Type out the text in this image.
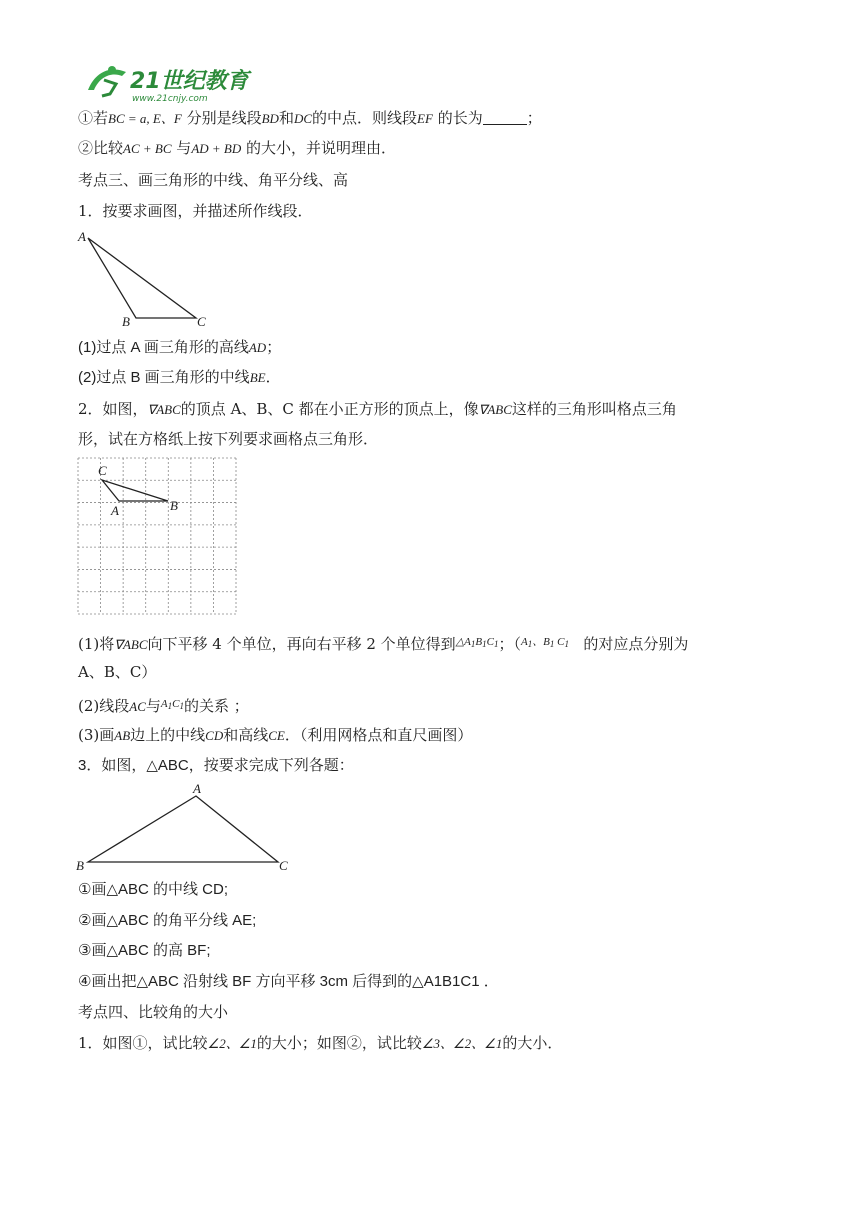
21世纪教育
www.21cnjy.com
①若BC = a, E、F 分别是线段BD和DC的中点．则线段EF 的长为	；
②比较AC + BC 与AD + BD 的大小，并说明理由．
考点三、画三角形的中线、角平分线、高
1．按要求画图，并描述所作线段．
A
B	C
(1)过点 A 画三角形的高线AD；
(2)过点 B 画三角形的中线BE．
2．如图，∇ABC的顶点 A、B、C 都在小正方形的顶点上，像∇ABC这样的三角形叫格点三角
形，试在方格纸上按下列要求画格点三角形．
C
A	B
(1)将∇ABC向下平移 4 个单位，再向右平移 2 个单位得到$^{\triangle A_1B_1C_1}$；（$^{A_1、B_1 C_1}$ 的对应点分别为
A、B、C）
(2)线段AC与$^{A_1C_1}$的关系 ；
(3)画AB边上的中线CD和高线CE．（利用网格点和直尺画图）
3．如图，△ABC，按要求完成下列各题：
A
B	C
①画△ABC 的中线 CD;
②画△ABC 的角平分线 AE;
③画△ABC 的高 BF;
④画出把△ABC 沿射线 BF 方向平移 3cm 后得到的△A1B1C1 ．
考点四、比较角的大小
1．如图①，试比较∠2、∠1的大小；如图②，试比较∠3、∠2、∠1的大小．
